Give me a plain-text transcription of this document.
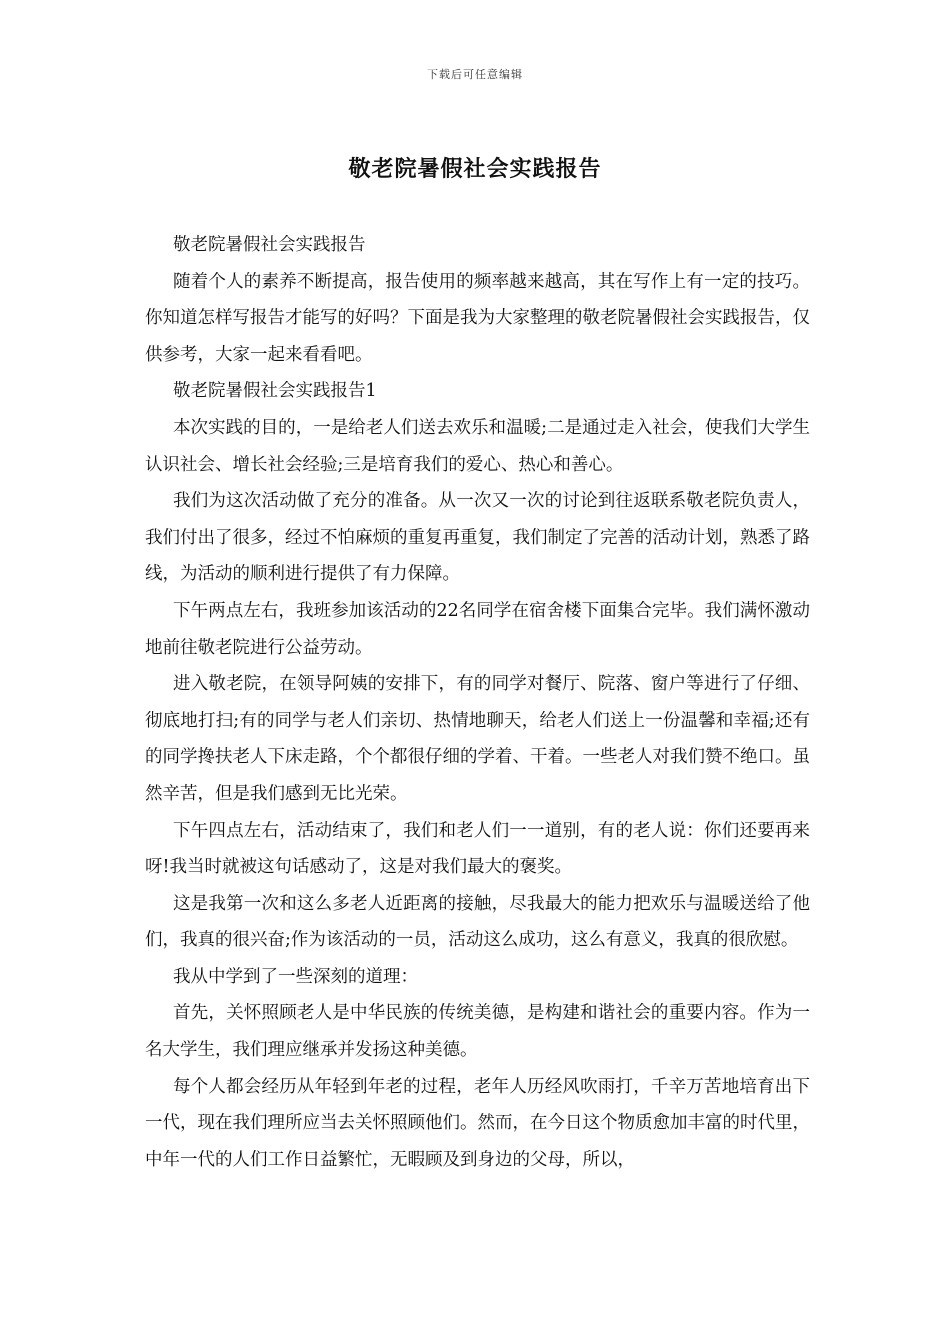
下载后可任意编辑
敬老院暑假社会实践报告

敬老院暑假社会实践报告

随着个人的素养不断提高，报告使用的频率越来越高，其在写作上有一定的技巧。你知道怎样写报告才能写的好吗？下面是我为大家整理的敬老院暑假社会实践报告，仅供参考，大家一起来看看吧。

敬老院暑假社会实践报告1

本次实践的目的，一是给老人们送去欢乐和温暖;二是通过走入社会，使我们大学生认识社会、增长社会经验;三是培育我们的爱心、热心和善心。

我们为这次活动做了充分的准备。从一次又一次的讨论到往返联系敬老院负责人，我们付出了很多，经过不怕麻烦的重复再重复，我们制定了完善的活动计划，熟悉了路线，为活动的顺利进行提供了有力保障。

下午两点左右，我班参加该活动的22名同学在宿舍楼下面集合完毕。我们满怀激动地前往敬老院进行公益劳动。

进入敬老院，在领导阿姨的安排下，有的同学对餐厅、院落、窗户等进行了仔细、彻底地打扫;有的同学与老人们亲切、热情地聊天，给老人们送上一份温馨和幸福;还有的同学搀扶老人下床走路，个个都很仔细的学着、干着。一些老人对我们赞不绝口。虽然辛苦，但是我们感到无比光荣。

下午四点左右，活动结束了，我们和老人们一一道别，有的老人说：你们还要再来呀!我当时就被这句话感动了，这是对我们最大的褒奖。

这是我第一次和这么多老人近距离的接触，尽我最大的能力把欢乐与温暖送给了他们，我真的很兴奋;作为该活动的一员，活动这么成功，这么有意义，我真的很欣慰。

我从中学到了一些深刻的道理：

首先，关怀照顾老人是中华民族的传统美德，是构建和谐社会的重要内容。作为一名大学生，我们理应继承并发扬这种美德。

每个人都会经历从年轻到年老的过程，老年人历经风吹雨打，千辛万苦地培育出下一代，现在我们理所应当去关怀照顾他们。然而，在今日这个物质愈加丰富的时代里，中年一代的人们工作日益繁忙，无暇顾及到身边的父母，所以，
